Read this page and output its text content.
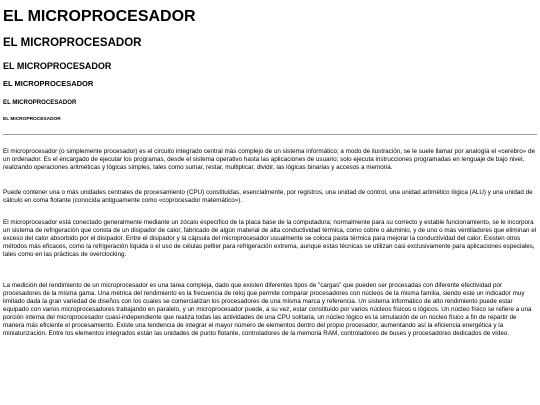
EL MICROPROCESADOR
EL MICROPROCESADOR
EL MICROPROCESADOR
EL MICROPROCESADOR
EL MICROPROCESADOR
EL MICROPROCESADOR

El microprocesador (o simplemente procesador) es el circuito integrado central más complejo de un sistema informático; a modo de ilustración, se le suele llamar por analogía el «cerebro» de un ordenador. Es el encargado de ejecutar los programas, desde el sistema operativo hasta las aplicaciones de usuario; solo ejecuta instrucciones programadas en lenguaje de bajo nivel, realizando operaciones aritméticas y lógicas simples, tales como sumar, restar, multiplicar, dividir, las lógicas binarias y accesos a memoria.

Puede contener una o más unidades centrales de procesamiento (CPU) constituidas, esencialmente, por registros, una unidad de control, una unidad aritmético lógica (ALU) y una unidad de cálculo en coma flotante (conocida antiguamente como «coprocesador matemático»).

El microprocesador está conectado generalmente mediante un zócalo específico de la placa base de la computadora; normalmente para su correcto y estable funcionamiento, se le incorpora un sistema de refrigeración que consta de un disipador de calor, fabricado de algún material de alta conductividad térmica, como cobre o aluminio, y de uno o más ventiladores que eliminan el exceso del calor absorbido por el disipador. Entre el disipador y la cápsula del microprocesador usualmente se coloca pasta térmica para mejorar la conductividad del calor. Existen otros métodos más eficaces, como la refrigeración líquida o el uso de células peltier para refrigeración extrema, aunque estas técnicas se utilizan casi exclusivamente para aplicaciones especiales, tales como en las prácticas de overclocking.

La medición del rendimiento de un microprocesador es una tarea compleja, dado que existen diferentes tipos de "cargas" que pueden ser procesadas con diferente efectividad por procesadores de la misma gama. Una métrica del rendimiento es la frecuencia de reloj que permite comparar procesadores con núcleos de la misma familia, siendo este un indicador muy limitado dada la gran variedad de diseños con los cuales se comercializan los procesadores de una misma marca y referencia. Un sistema informático de alto rendimiento puede estar equipado con varios microprocesadores trabajando en paralelo, y un microprocesador puede, a su vez, estar constituido por varios núcleos físicos o lógicos. Un núcleo físico se refiere a una porción interna del microprocesador cuasi-independiente que realiza todas las actividades de una CPU solitaria, un núcleo lógico es la simulación de un núcleo físico a fin de repartir de manera más eficiente el procesamiento. Existe una tendencia de integrar el mayor número de elementos dentro del propio procesador, aumentando así la eficiencia energética y la miniaturización. Entre los elementos integrados están las unidades de punto flotante, controladores de la memoria RAM, controladores de buses y procesadores dedicados de vídeo.
